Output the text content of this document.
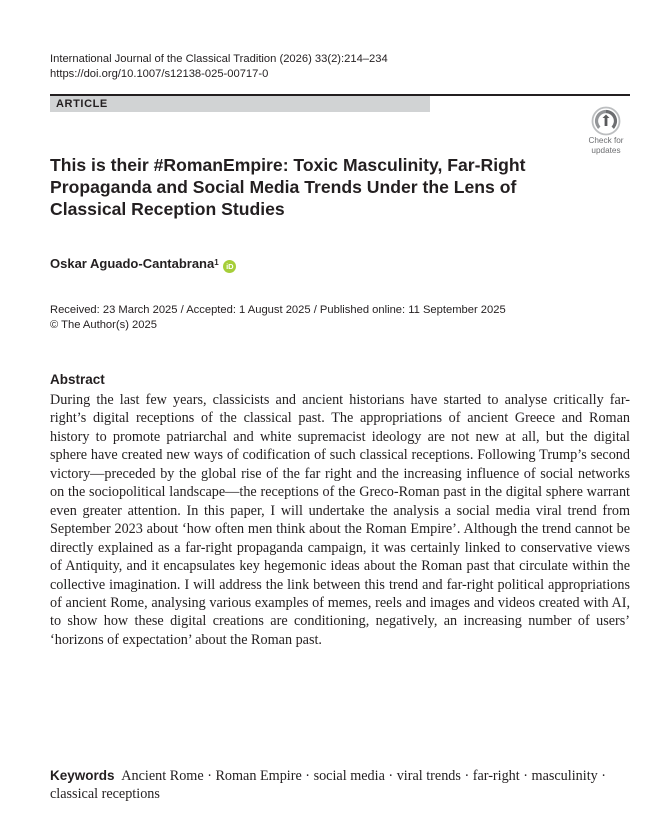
International Journal of the Classical Tradition (2026) 33(2):214–234
https://doi.org/10.1007/s12138-025-00717-0
ARTICLE
Check for
updates
This is their #RomanEmpire: Toxic Masculinity, Far-Right Propaganda and Social Media Trends Under the Lens of Classical Reception Studies
Oskar Aguado-Cantabrana$^1$ iD
Received: 23 March 2025 / Accepted: 1 August 2025 / Published online: 11 September 2025
© The Author(s) 2025
Abstract
During the last few years, classicists and ancient historians have started to analyse critically far-right’s digital receptions of the classical past. The appropriations of ancient Greece and Roman history to promote patriarchal and white supremacist ideology are not new at all, but the digital sphere have created new ways of codification of such classical receptions. Following Trump’s second victory—preceded by the global rise of the far right and the increasing influence of social networks on the sociopolitical landscape—the receptions of the Greco-Roman past in the digital sphere warrant even greater attention. In this paper, I will undertake the analysis a social media viral trend from September 2023 about ‘how often men think about the Roman Empire’. Although the trend cannot be directly explained as a far-right propaganda campaign, it was certainly linked to conservative views of Antiquity, and it encapsulates key hegemonic ideas about the Roman past that circulate within the collective imagination. I will address the link between this trend and far-right political appropriations of ancient Rome, analysing various examples of memes, reels and images and videos created with AI, to show how these digital creations are conditioning, negatively, an increasing number of users’ ‘horizons of expectation’ about the Roman past.
Keywords Ancient Rome · Roman Empire · social media · viral trends · far-right · masculinity · classical receptions
